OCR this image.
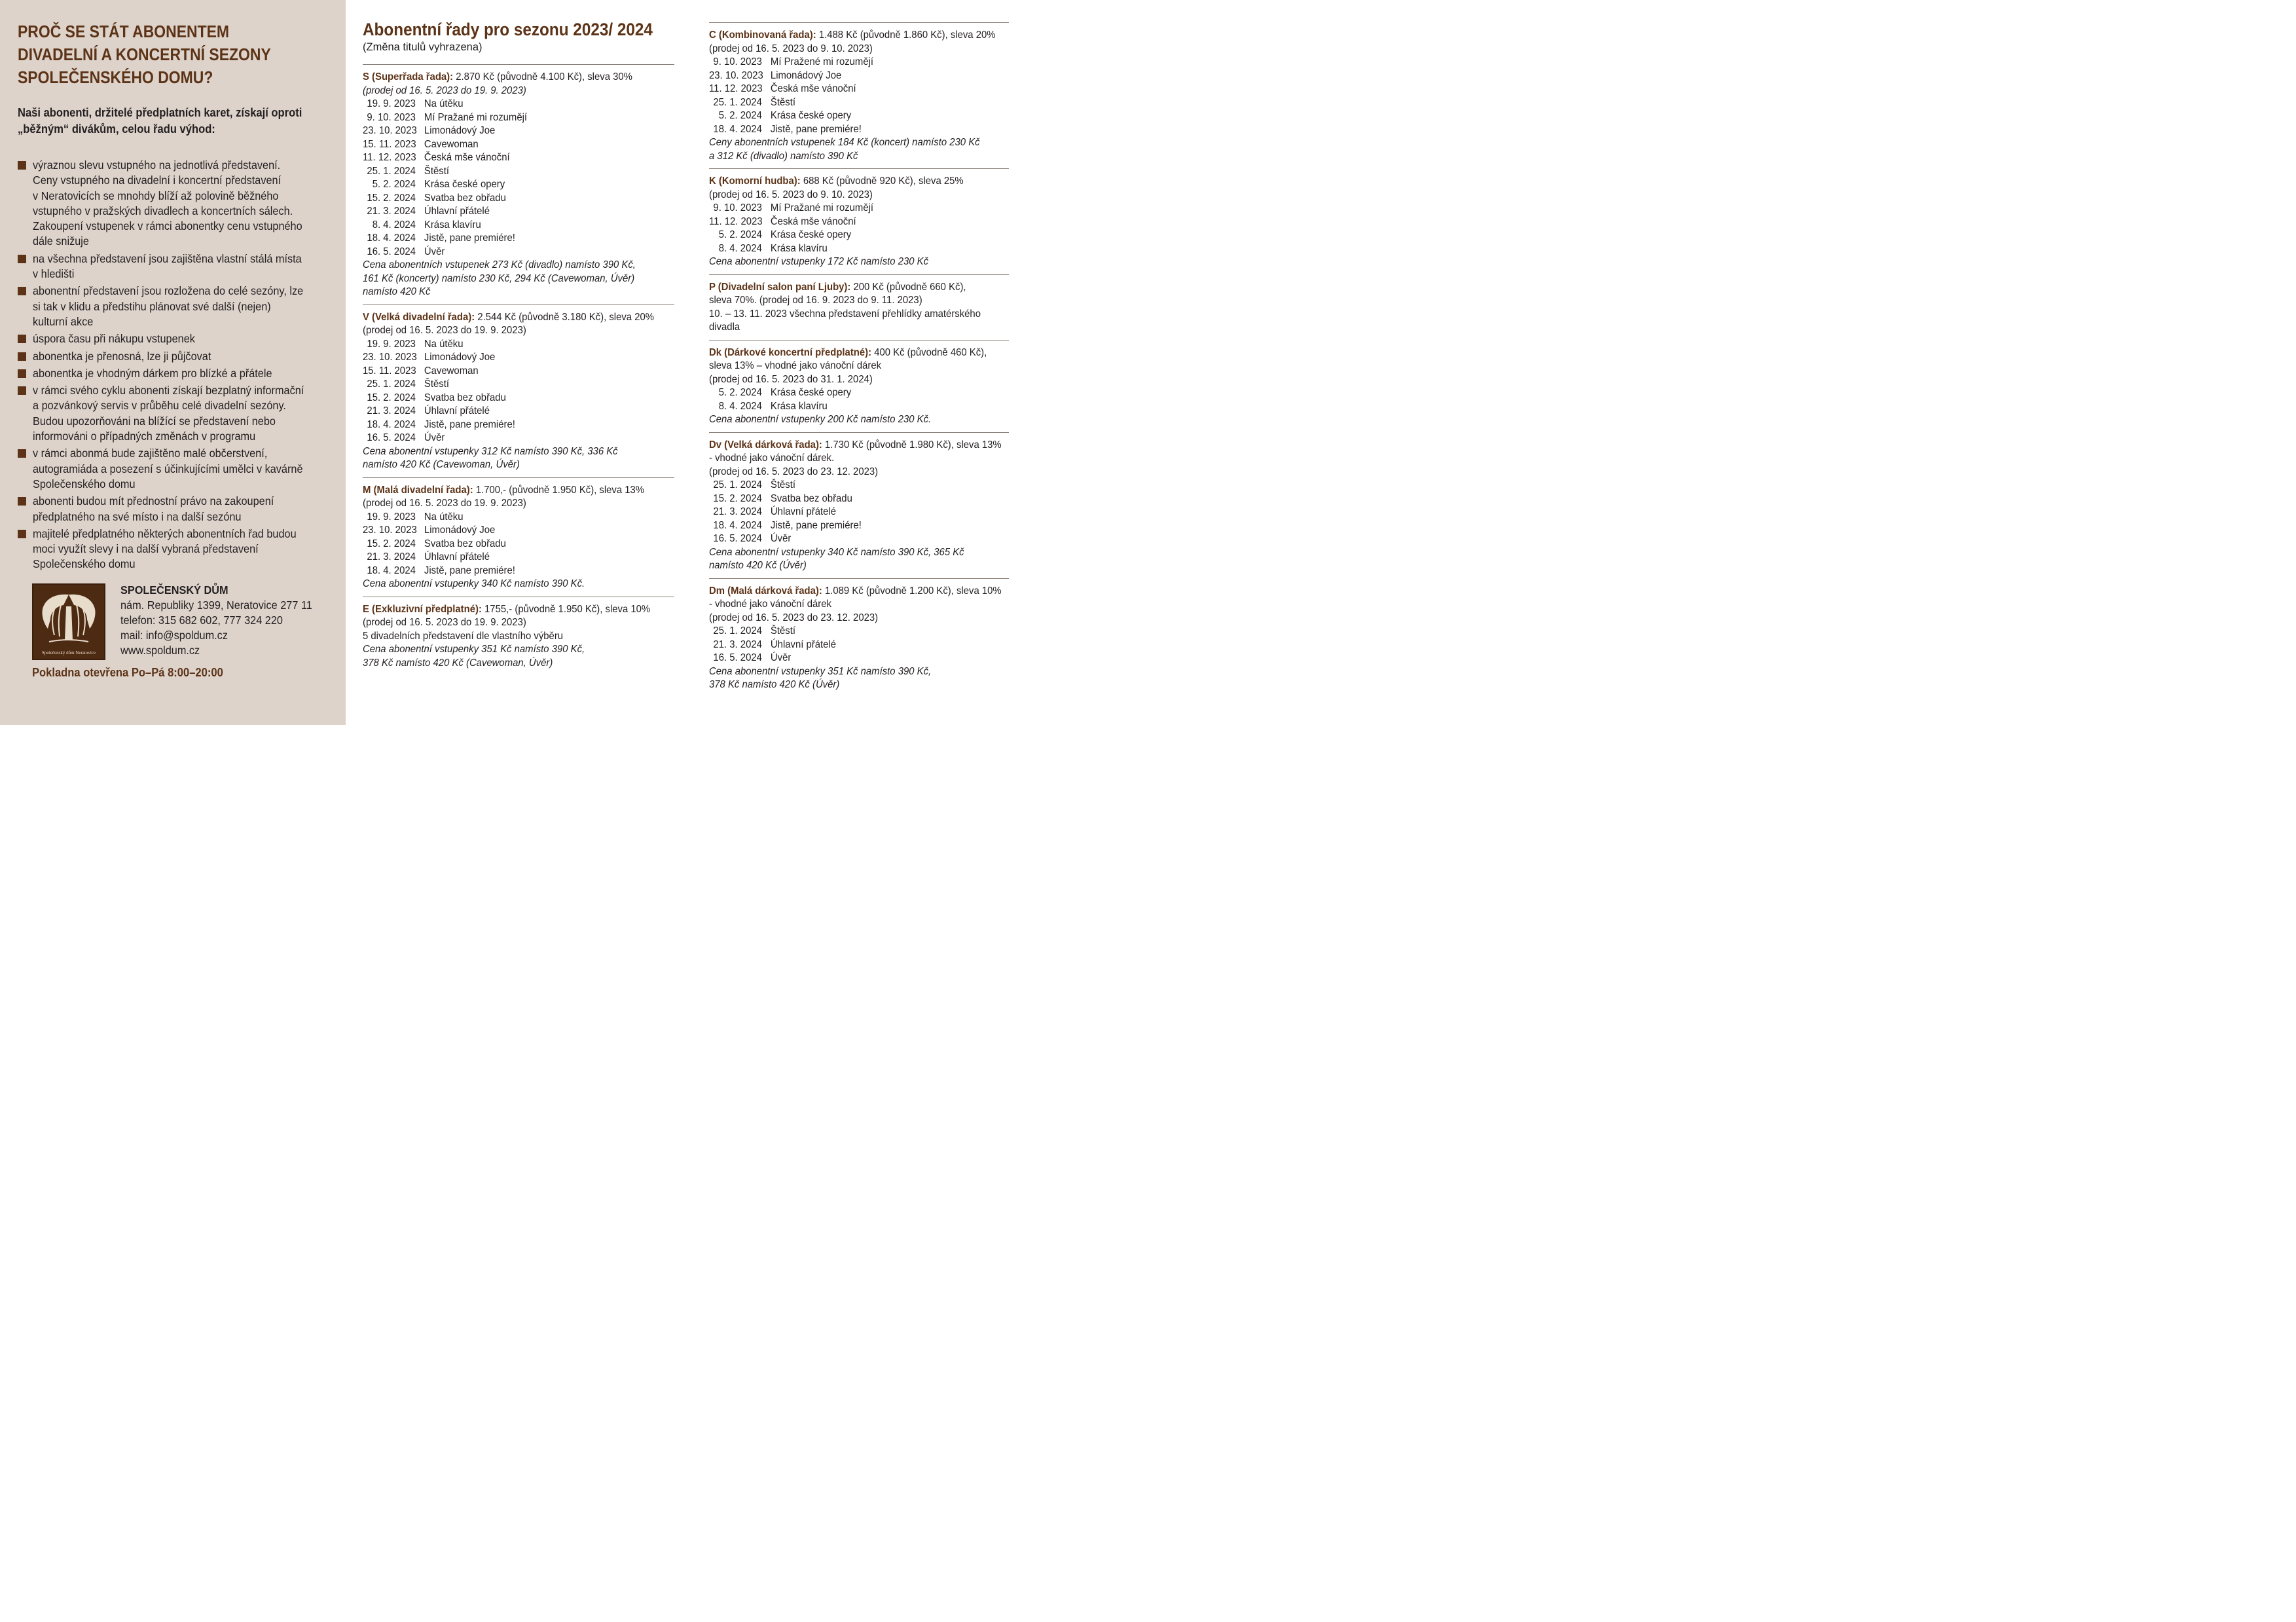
PROČ SE STÁT ABONENTEM
DIVADELNÍ A KONCERTNÍ SEZONY
SPOLEČENSKÉHO DOMU?
Naši abonenti, držitelé předplatních karet, získají oproti
„běžným“ divákům, celou řadu výhod:
výraznou slevu vstupného na jednotlivá představení.
Ceny vstupného na divadelní i koncertní představení
v Neratovicích se mnohdy blíží až polovině běžného
vstupného v pražských divadlech a koncertních sálech.
Zakoupení vstupenek v rámci abonentky cenu vstupného
dále snižuje
na všechna představení jsou zajištěna vlastní stálá místa
v hledišti
abonentní představení jsou rozložena do celé sezóny, lze
si tak v klidu a předstihu plánovat své další (nejen)
kulturní akce
úspora času při nákupu vstupenek
abonentka je přenosná, lze ji půjčovat
abonentka je vhodným dárkem pro blízké a přátele
v rámci svého cyklu abonenti získají bezplatný informační
a pozvánkový servis v průběhu celé divadelní sezóny.
Budou upozorňováni na blížící se představení nebo
informováni o případných změnách v programu
v rámci abonmá bude zajištěno malé občerstvení,
autogramiáda a posezení s účinkujícími umělci v kavárně
Společenského domu
abonenti budou mít přednostní právo na zakoupení
předplatného na své místo i na další sezónu
majitelé předplatného některých abonentních řad budou
moci využít slevy i na další vybraná představení
Společenského domu
Společenský dům Neratovice
SPOLEČENSKÝ DŮM
nám. Republiky 1399, Neratovice 277 11
telefon: 315 682 602, 777 324 220
mail: info@spoldum.cz
www.spoldum.cz
Pokladna otevřena Po–Pá 8:00–20:00
Abonentní řady pro sezonu 2023/ 2024
(Změna titulů vyhrazena)
S (Superřada řada): 2.870 Kč (původně 4.100 Kč), sleva 30%
(prodej od 16. 5. 2023 do 19. 9. 2023)
19. 9. 2023 Na útěku
9. 10. 2023 Mí Pražané mi rozumějí
23. 10. 2023 Limonádový Joe
15. 11. 2023 Cavewoman
11. 12. 2023 Česká mše vánoční
25. 1. 2024 Štěstí
5. 2. 2024 Krása české opery
15. 2. 2024 Svatba bez obřadu
21. 3. 2024 Úhlavní přátelé
8. 4. 2024 Krása klavíru
18. 4. 2024 Jistě, pane premiére!
16. 5. 2024 Úvěr
Cena abonentních vstupenek 273 Kč (divadlo) namísto 390 Kč,
161 Kč (koncerty) namísto 230 Kč, 294 Kč (Cavewoman, Úvěr)
namísto 420 Kč
V (Velká divadelní řada): 2.544 Kč (původně 3.180 Kč), sleva 20%
(prodej od 16. 5. 2023 do 19. 9. 2023)
19. 9. 2023 Na útěku
23. 10. 2023 Limonádový Joe
15. 11. 2023 Cavewoman
25. 1. 2024 Štěstí
15. 2. 2024 Svatba bez obřadu
21. 3. 2024 Úhlavní přátelé
18. 4. 2024 Jistě, pane premiére!
16. 5. 2024 Úvěr
Cena abonentní vstupenky 312 Kč namísto 390 Kč, 336 Kč
namísto 420 Kč (Cavewoman, Úvěr)
M (Malá divadelní řada): 1.700,- (původně 1.950 Kč), sleva 13%
(prodej od 16. 5. 2023 do 19. 9. 2023)
19. 9. 2023 Na útěku
23. 10. 2023 Limonádový Joe
15. 2. 2024 Svatba bez obřadu
21. 3. 2024 Úhlavní přátelé
18. 4. 2024 Jistě, pane premiére!
Cena abonentní vstupenky 340 Kč namísto 390 Kč.
E (Exkluzivní předplatné): 1755,- (původně 1.950 Kč), sleva 10%
(prodej od 16. 5. 2023 do 19. 9. 2023)
5 divadelních představení dle vlastního výběru
Cena abonentní vstupenky 351 Kč namísto 390 Kč,
378 Kč namísto 420 Kč (Cavewoman, Úvěr)
C (Kombinovaná řada): 1.488 Kč (původně 1.860 Kč), sleva 20%
(prodej od 16. 5. 2023 do 9. 10. 2023)
9. 10. 2023 Mí Pražené mi rozumějí
23. 10. 2023 Limonádový Joe
11. 12. 2023 Česká mše vánoční
25. 1. 2024 Štěstí
5. 2. 2024 Krása české opery
18. 4. 2024 Jistě, pane premiére!
Ceny abonentních vstupenek 184 Kč (koncert) namísto 230 Kč
a 312 Kč (divadlo) namísto 390 Kč
K (Komorní hudba): 688 Kč (původně 920 Kč), sleva 25%
(prodej od 16. 5. 2023 do 9. 10. 2023)
9. 10. 2023 Mí Pražané mi rozumějí
11. 12. 2023 Česká mše vánoční
5. 2. 2024 Krása české opery
8. 4. 2024 Krása klavíru
Cena abonentní vstupenky 172 Kč namísto 230 Kč
P (Divadelní salon paní Ljuby): 200 Kč (původně 660 Kč),
sleva 70%. (prodej od 16. 9. 2023 do 9. 11. 2023)
10. – 13. 11. 2023 všechna představení přehlídky amatérského
divadla
Dk (Dárkové koncertní předplatné): 400 Kč (původně 460 Kč),
sleva 13% – vhodné jako vánoční dárek
(prodej od 16. 5. 2023 do 31. 1. 2024)
5. 2. 2024 Krása české opery
8. 4. 2024 Krása klavíru
Cena abonentní vstupenky 200 Kč namísto 230 Kč.
Dv (Velká dárková řada): 1.730 Kč (původně 1.980 Kč), sleva 13%
- vhodné jako vánoční dárek.
(prodej od 16. 5. 2023 do 23. 12. 2023)
25. 1. 2024 Štěstí
15. 2. 2024 Svatba bez obřadu
21. 3. 2024 Úhlavní přátelé
18. 4. 2024 Jistě, pane premiére!
16. 5. 2024 Úvěr
Cena abonentní vstupenky 340 Kč namísto 390 Kč, 365 Kč
namísto 420 Kč (Úvěr)
Dm (Malá dárková řada): 1.089 Kč (původně 1.200 Kč), sleva 10%
- vhodné jako vánoční dárek
(prodej od 16. 5. 2023 do 23. 12. 2023)
25. 1. 2024 Štěstí
21. 3. 2024 Úhlavní přátelé
16. 5. 2024 Úvěr
Cena abonentní vstupenky 351 Kč namísto 390 Kč,
378 Kč namísto 420 Kč (Úvěr)
